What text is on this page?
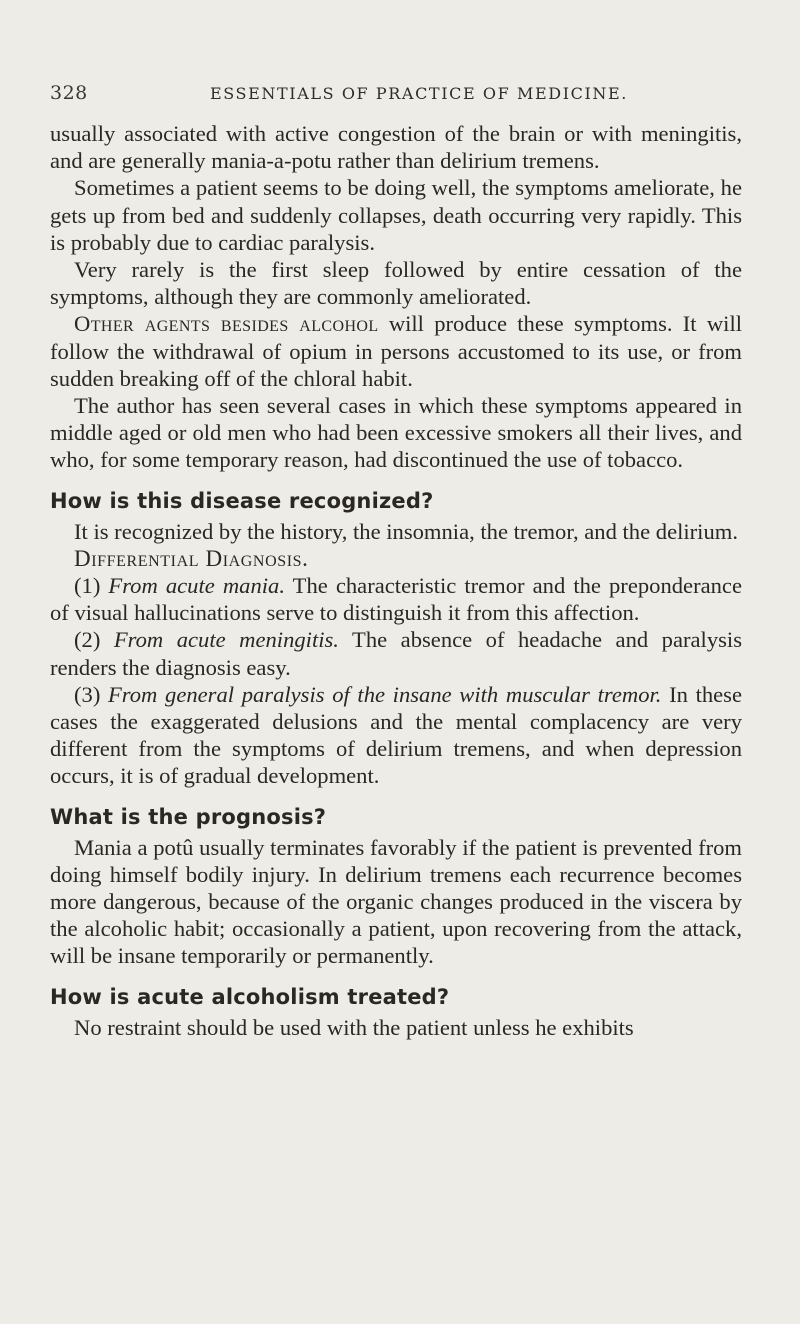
328	ESSENTIALS OF PRACTICE OF MEDICINE.

usually associated with active congestion of the brain or with meningitis, and are generally mania-a-potu rather than delirium tremens.

Sometimes a patient seems to be doing well, the symptoms ameliorate, he gets up from bed and suddenly collapses, death occurring very rapidly. This is probably due to cardiac paralysis.

Very rarely is the first sleep followed by entire cessation of the symptoms, although they are commonly ameliorated.

Other agents besides alcohol will produce these symptoms. It will follow the withdrawal of opium in persons accustomed to its use, or from sudden breaking off of the chloral habit.

The author has seen several cases in which these symptoms appeared in middle aged or old men who had been excessive smokers all their lives, and who, for some temporary reason, had discontinued the use of tobacco.

How is this disease recognized?

It is recognized by the history, the insomnia, the tremor, and the delirium.

Differential Diagnosis.

(1) From acute mania. The characteristic tremor and the preponderance of visual hallucinations serve to distinguish it from this affection.

(2) From acute meningitis. The absence of headache and paralysis renders the diagnosis easy.

(3) From general paralysis of the insane with muscular tremor. In these cases the exaggerated delusions and the mental complacency are very different from the symptoms of delirium tremens, and when depression occurs, it is of gradual development.

What is the prognosis?

Mania a potû usually terminates favorably if the patient is prevented from doing himself bodily injury. In delirium tremens each recurrence becomes more dangerous, because of the organic changes produced in the viscera by the alcoholic habit; occasionally a patient, upon recovering from the attack, will be insane temporarily or permanently.

How is acute alcoholism treated?

No restraint should be used with the patient unless he exhibits
